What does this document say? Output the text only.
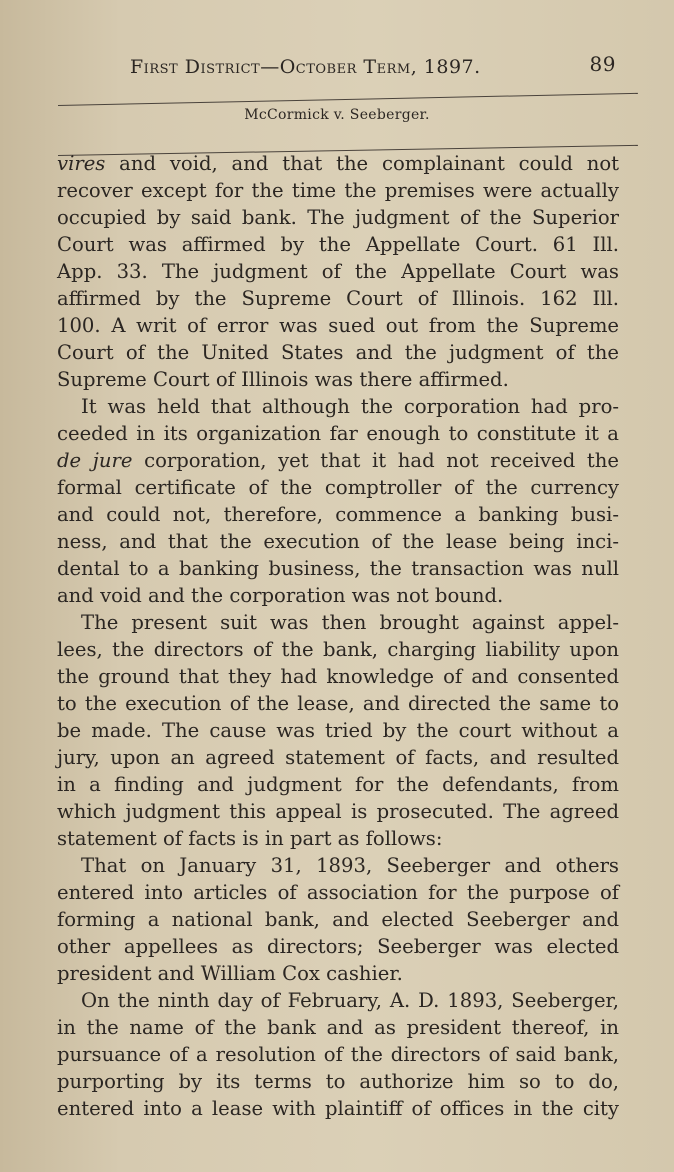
First District—October Term, 1897.	89
McCormick v. Seeberger.
vires and void, and that the complainant could not
recover except for the time the premises were actually
occupied by said bank. The judgment of the Superior
Court was affirmed by the Appellate Court. 61 Ill.
App. 33. The judgment of the Appellate Court was
affirmed by the Supreme Court of Illinois. 162 Ill.
100. A writ of error was sued out from the Supreme
Court of the United States and the judgment of the
Supreme Court of Illinois was there affirmed.
It was held that although the corporation had pro-
ceeded in its organization far enough to constitute it a
de jure corporation, yet that it had not received the
formal certificate of the comptroller of the currency
and could not, therefore, commence a banking busi-
ness, and that the execution of the lease being inci-
dental to a banking business, the transaction was null
and void and the corporation was not bound.
The present suit was then brought against appel-
lees, the directors of the bank, charging liability upon
the ground that they had knowledge of and consented
to the execution of the lease, and directed the same to
be made. The cause was tried by the court without a
jury, upon an agreed statement of facts, and resulted
in a finding and judgment for the defendants, from
which judgment this appeal is prosecuted. The agreed
statement of facts is in part as follows:
That on January 31, 1893, Seeberger and others
entered into articles of association for the purpose of
forming a national bank, and elected Seeberger and
other appellees as directors; Seeberger was elected
president and William Cox cashier.
On the ninth day of February, A. D. 1893, Seeberger,
in the name of the bank and as president thereof, in
pursuance of a resolution of the directors of said bank,
purporting by its terms to authorize him so to do,
entered into a lease with plaintiff of offices in the city
